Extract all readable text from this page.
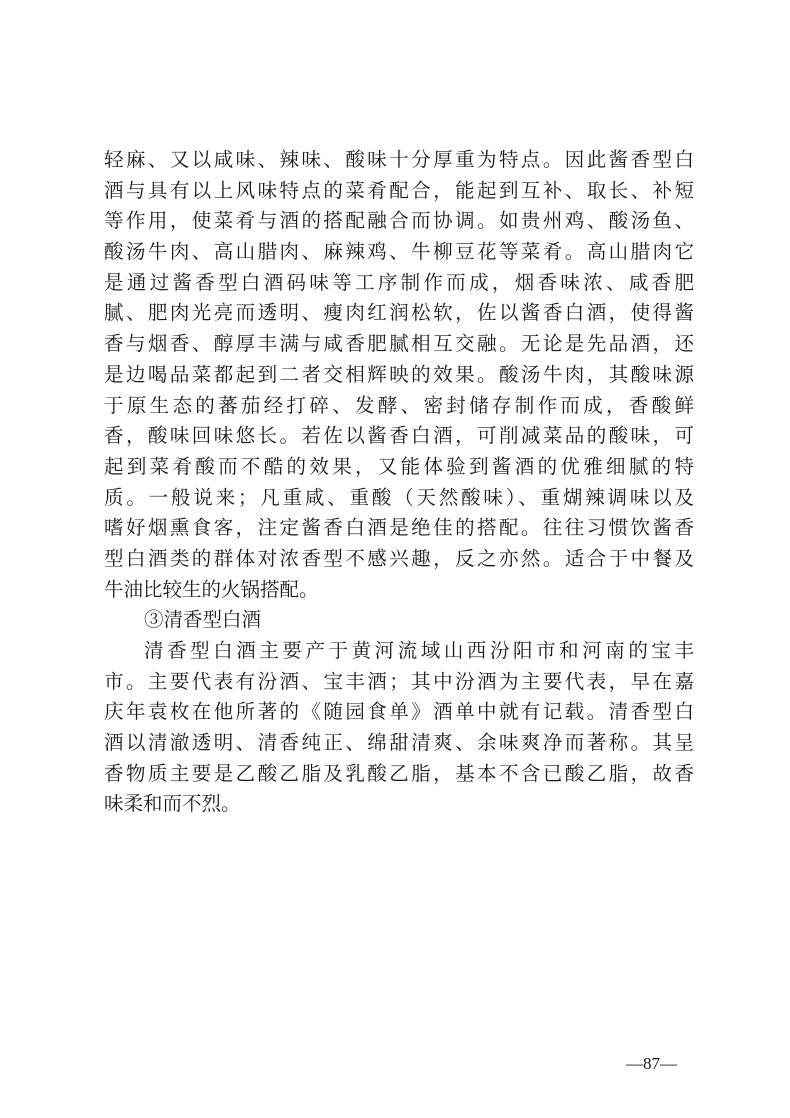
轻麻、又以咸味、辣味、酸味十分厚重为特点。因此酱香型白
酒与具有以上风味特点的菜肴配合，能起到互补、取长、补短
等作用，使菜肴与酒的搭配融合而协调。如贵州鸡、酸汤鱼、
酸汤牛肉、高山腊肉、麻辣鸡、牛柳豆花等菜肴。高山腊肉它
是通过酱香型白酒码味等工序制作而成，烟香味浓、咸香肥
腻、肥肉光亮而透明、瘦肉红润松软，佐以酱香白酒，使得酱
香与烟香、醇厚丰满与咸香肥腻相互交融。无论是先品酒，还
是边喝品菜都起到二者交相辉映的效果。酸汤牛肉，其酸味源
于原生态的蕃茄经打碎、发酵、密封储存制作而成，香酸鲜
香，酸味回味悠长。若佐以酱香白酒，可削减菜品的酸味，可
起到菜肴酸而不酷的效果，又能体验到酱酒的优雅细腻的特
质。一般说来；凡重咸、重酸（天然酸味）、重煳辣调味以及
嗜好烟熏食客，注定酱香白酒是绝佳的搭配。往往习惯饮酱香
型白酒类的群体对浓香型不感兴趣，反之亦然。适合于中餐及
牛油比较生的火锅搭配。
③清香型白酒
清香型白酒主要产于黄河流域山西汾阳市和河南的宝丰
市。主要代表有汾酒、宝丰酒；其中汾酒为主要代表，早在嘉
庆年袁枚在他所著的《随园食单》酒单中就有记载。清香型白
酒以清澈透明、清香纯正、绵甜清爽、余味爽净而著称。其呈
香物质主要是乙酸乙脂及乳酸乙脂，基本不含已酸乙脂，故香
味柔和而不烈。
—87—
